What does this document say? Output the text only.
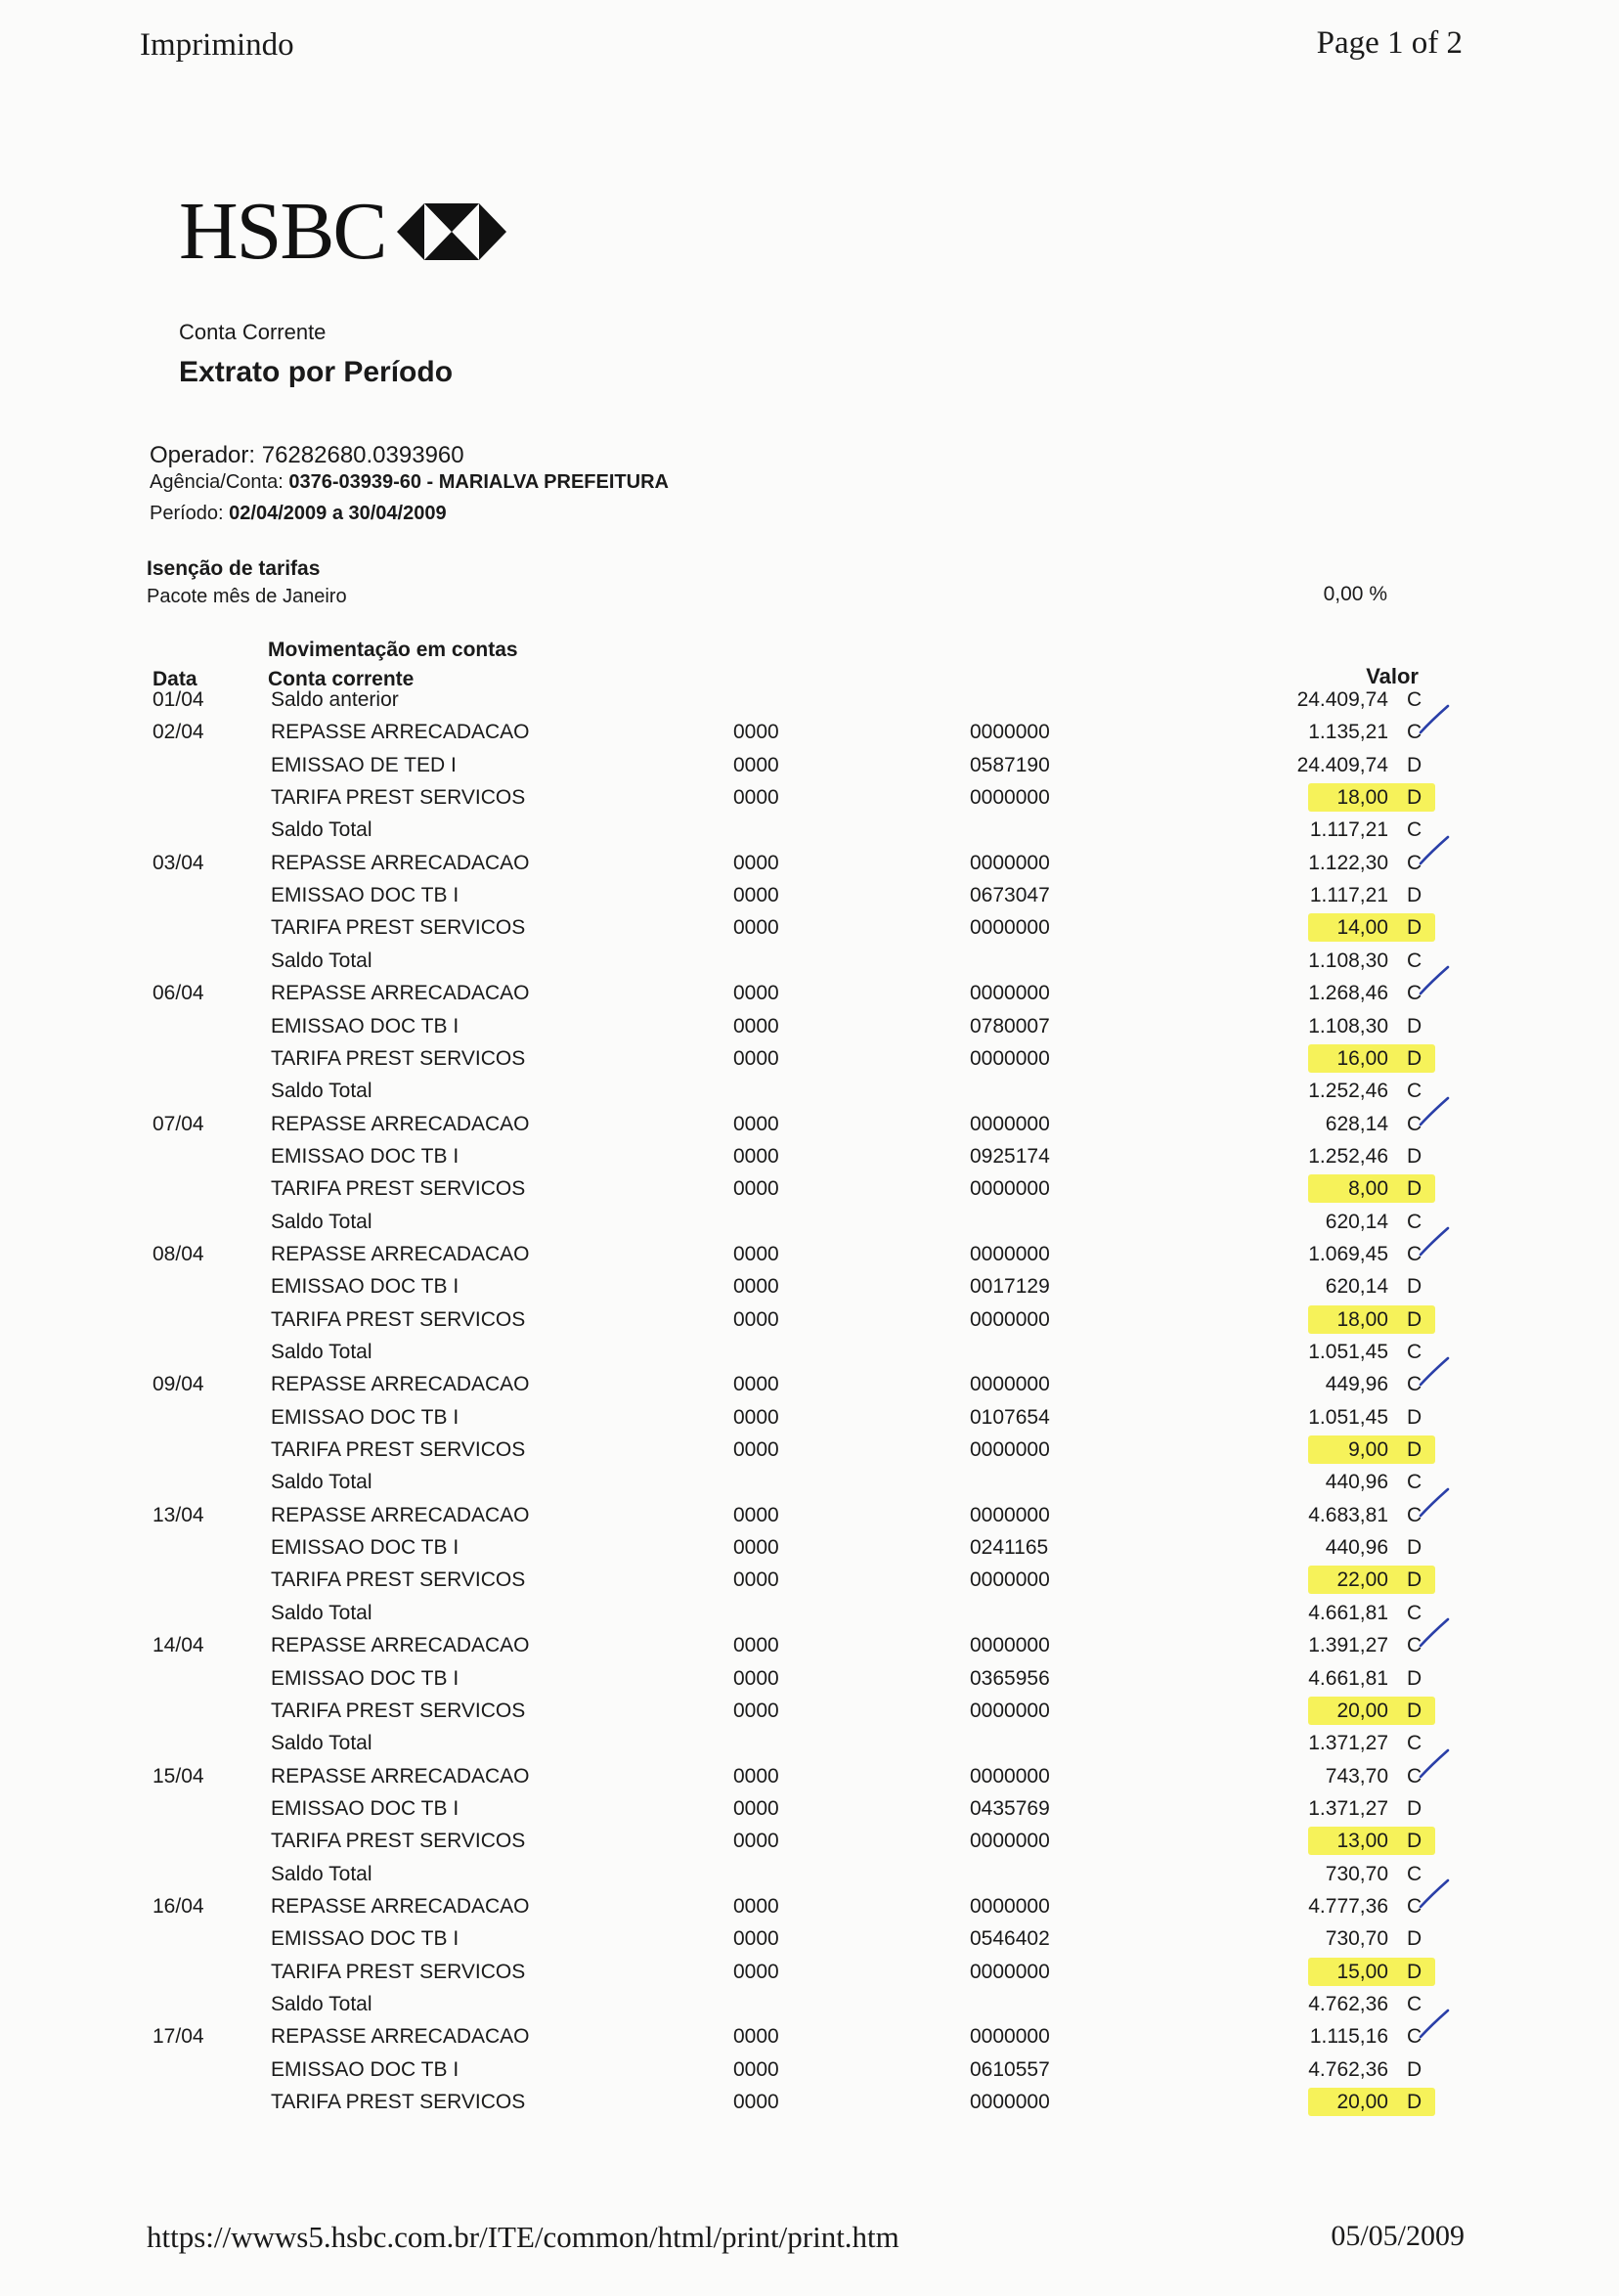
Imprimindo	Page 1 of 2
HSBC
Conta Corrente
Extrato por Período
Operador: 76282680.0393960
Agência/Conta: 0376-03939-60 - MARIALVA PREFEITURA
Período: 02/04/2009 a 30/04/2009
Isenção de tarifas
Pacote mês de Janeiro	0,00 %
Movimentação em contas
Data	Conta corrente	Valor
01/04	Saldo anterior	24.409,74 C
02/04	REPASSE ARRECADACAO	0000	0000000	1.135,21 C
EMISSAO DE TED I	0000	0587190	24.409,74 D
TARIFA PREST SERVICOS	0000	0000000	18,00 D
Saldo Total	1.117,21 C
03/04	REPASSE ARRECADACAO	0000	0000000	1.122,30 C
EMISSAO DOC TB I	0000	0673047	1.117,21 D
TARIFA PREST SERVICOS	0000	0000000	14,00 D
Saldo Total	1.108,30 C
06/04	REPASSE ARRECADACAO	0000	0000000	1.268,46 C
EMISSAO DOC TB I	0000	0780007	1.108,30 D
TARIFA PREST SERVICOS	0000	0000000	16,00 D
Saldo Total	1.252,46 C
07/04	REPASSE ARRECADACAO	0000	0000000	628,14 C
EMISSAO DOC TB I	0000	0925174	1.252,46 D
TARIFA PREST SERVICOS	0000	0000000	8,00 D
Saldo Total	620,14 C
08/04	REPASSE ARRECADACAO	0000	0000000	1.069,45 C
EMISSAO DOC TB I	0000	0017129	620,14 D
TARIFA PREST SERVICOS	0000	0000000	18,00 D
Saldo Total	1.051,45 C
09/04	REPASSE ARRECADACAO	0000	0000000	449,96 C
EMISSAO DOC TB I	0000	0107654	1.051,45 D
TARIFA PREST SERVICOS	0000	0000000	9,00 D
Saldo Total	440,96 C
13/04	REPASSE ARRECADACAO	0000	0000000	4.683,81 C
EMISSAO DOC TB I	0000	0241165	440,96 D
TARIFA PREST SERVICOS	0000	0000000	22,00 D
Saldo Total	4.661,81 C
14/04	REPASSE ARRECADACAO	0000	0000000	1.391,27 C
EMISSAO DOC TB I	0000	0365956	4.661,81 D
TARIFA PREST SERVICOS	0000	0000000	20,00 D
Saldo Total	1.371,27 C
15/04	REPASSE ARRECADACAO	0000	0000000	743,70 C
EMISSAO DOC TB I	0000	0435769	1.371,27 D
TARIFA PREST SERVICOS	0000	0000000	13,00 D
Saldo Total	730,70 C
16/04	REPASSE ARRECADACAO	0000	0000000	4.777,36 C
EMISSAO DOC TB I	0000	0546402	730,70 D
TARIFA PREST SERVICOS	0000	0000000	15,00 D
Saldo Total	4.762,36 C
17/04	REPASSE ARRECADACAO	0000	0000000	1.115,16 C
EMISSAO DOC TB I	0000	0610557	4.762,36 D
TARIFA PREST SERVICOS	0000	0000000	20,00 D
https://wwws5.hsbc.com.br/ITE/common/html/print/print.htm	05/05/2009
